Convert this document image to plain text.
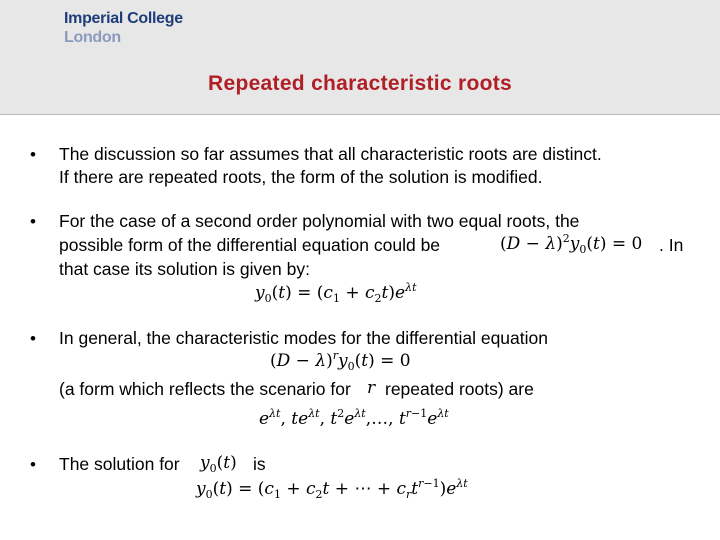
Imperial College
London
Repeated characteristic roots
• The discussion so far assumes that all characteristic roots are distinct.
If there are repeated roots, the form of the solution is modified.
• For the case of a second order polynomial with two equal roots, the
possible form of the differential equation could be	$(D - \lambda)^2y_0(t) = 0$ . In
that case its solution is given by:
$y_0(t) = (c_1 + c_2t)e^{\lambda t}$
• In general, the characteristic modes for the differential equation
$(D - \lambda)^ry_0(t) = 0$
(a form which reflects the scenario for r repeated roots) are
$e^{\lambda t}$, $te^{\lambda t}$, $t^2e^{\lambda t},\dots$, $t^{r-1}e^{\lambda t}$
• The solution for $y_0(t)$ is
$y_0(t) = (c_1 + c_2t$ + ⋯ + $c_rt^{r-1})e^{\lambda t}$
